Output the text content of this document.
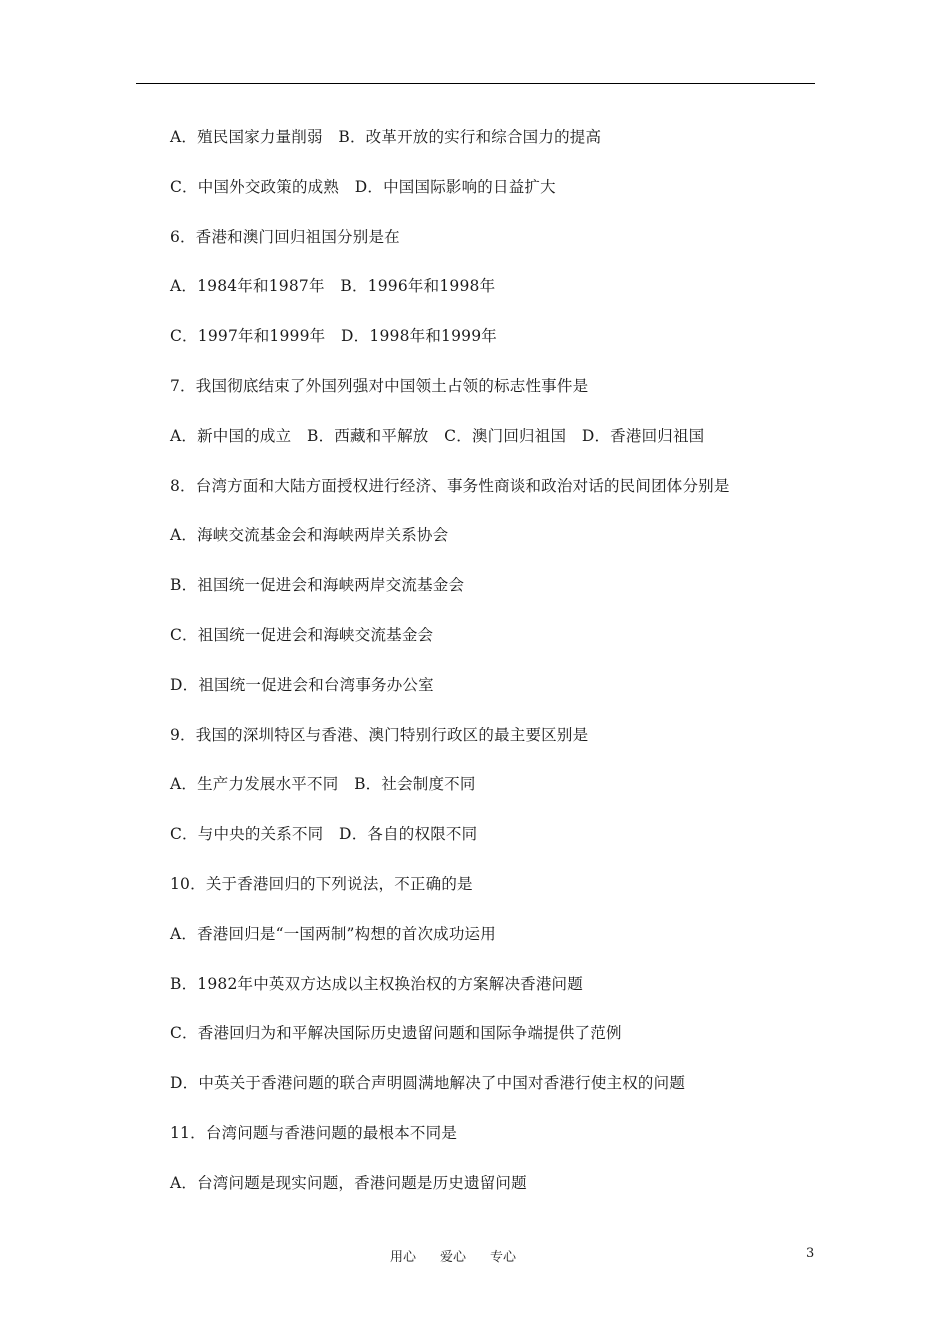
A．殖民国家力量削弱　B．改革开放的实行和综合国力的提高
C．中国外交政策的成熟　D．中国国际影响的日益扩大
6．香港和澳门回归祖国分别是在
A．1984年和1987年　B．1996年和1998年
C．1997年和1999年　D．1998年和1999年
7．我国彻底结束了外国列强对中国领土占领的标志性事件是
A．新中国的成立　B．西藏和平解放　C．澳门回归祖国　D．香港回归祖国
8．台湾方面和大陆方面授权进行经济、事务性商谈和政治对话的民间团体分别是
A．海峡交流基金会和海峡两岸关系协会
B．祖国统一促进会和海峡两岸交流基金会
C．祖国统一促进会和海峡交流基金会
D．祖国统一促进会和台湾事务办公室
9．我国的深圳特区与香港、澳门特别行政区的最主要区别是
A．生产力发展水平不同　B．社会制度不同
C．与中央的关系不同　D．各自的权限不同
10．关于香港回归的下列说法，不正确的是
A．香港回归是“一国两制”构想的首次成功运用
B．1982年中英双方达成以主权换治权的方案解决香港问题
C．香港回归为和平解决国际历史遗留问题和国际争端提供了范例
D．中英关于香港问题的联合声明圆满地解决了中国对香港行使主权的问题
11．台湾问题与香港问题的最根本不同是
A．台湾问题是现实问题，香港问题是历史遗留问题
用心 爱心 专心	3
